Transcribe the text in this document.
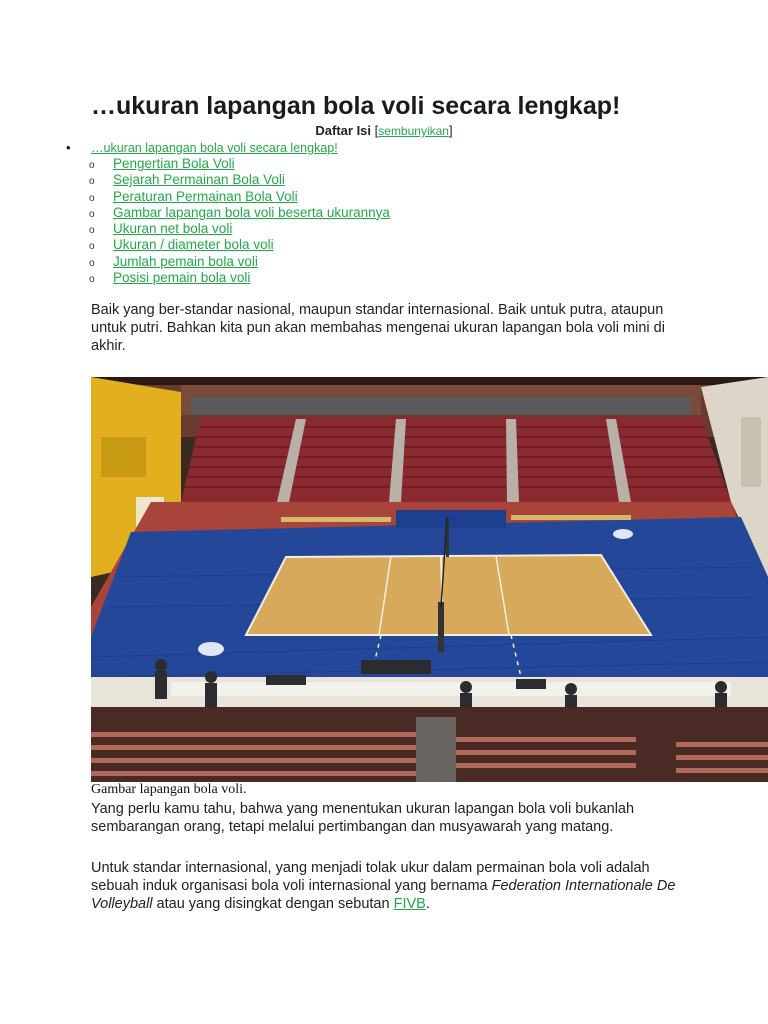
…ukuran lapangan bola voli secara lengkap!
Daftar Isi [sembunyikan]
•	…ukuran lapangan bola voli secara lengkap!
o	Pengertian Bola Voli
o	Sejarah Permainan Bola Voli
o	Peraturan Permainan Bola Voli
o	Gambar lapangan bola voli beserta ukurannya
o	Ukuran net bola voli
o	Ukuran / diameter bola voli
o	Jumlah pemain bola voli
o	Posisi pemain bola voli

Baik yang ber-standar nasional, maupun standar internasional. Baik untuk putra, ataupun untuk putri. Bahkan kita pun akan membahas mengenai ukuran lapangan bola voli mini di akhir.

Gambar lapangan bola voli.

Yang perlu kamu tahu, bahwa yang menentukan ukuran lapangan bola voli bukanlah sembarangan orang, tetapi melalui pertimbangan dan musyawarah yang matang.

Untuk standar internasional, yang menjadi tolak ukur dalam permainan bola voli adalah sebuah induk organisasi bola voli internasional yang bernama Federation Internationale De Volleyball atau yang disingkat dengan sebutan FIVB.
